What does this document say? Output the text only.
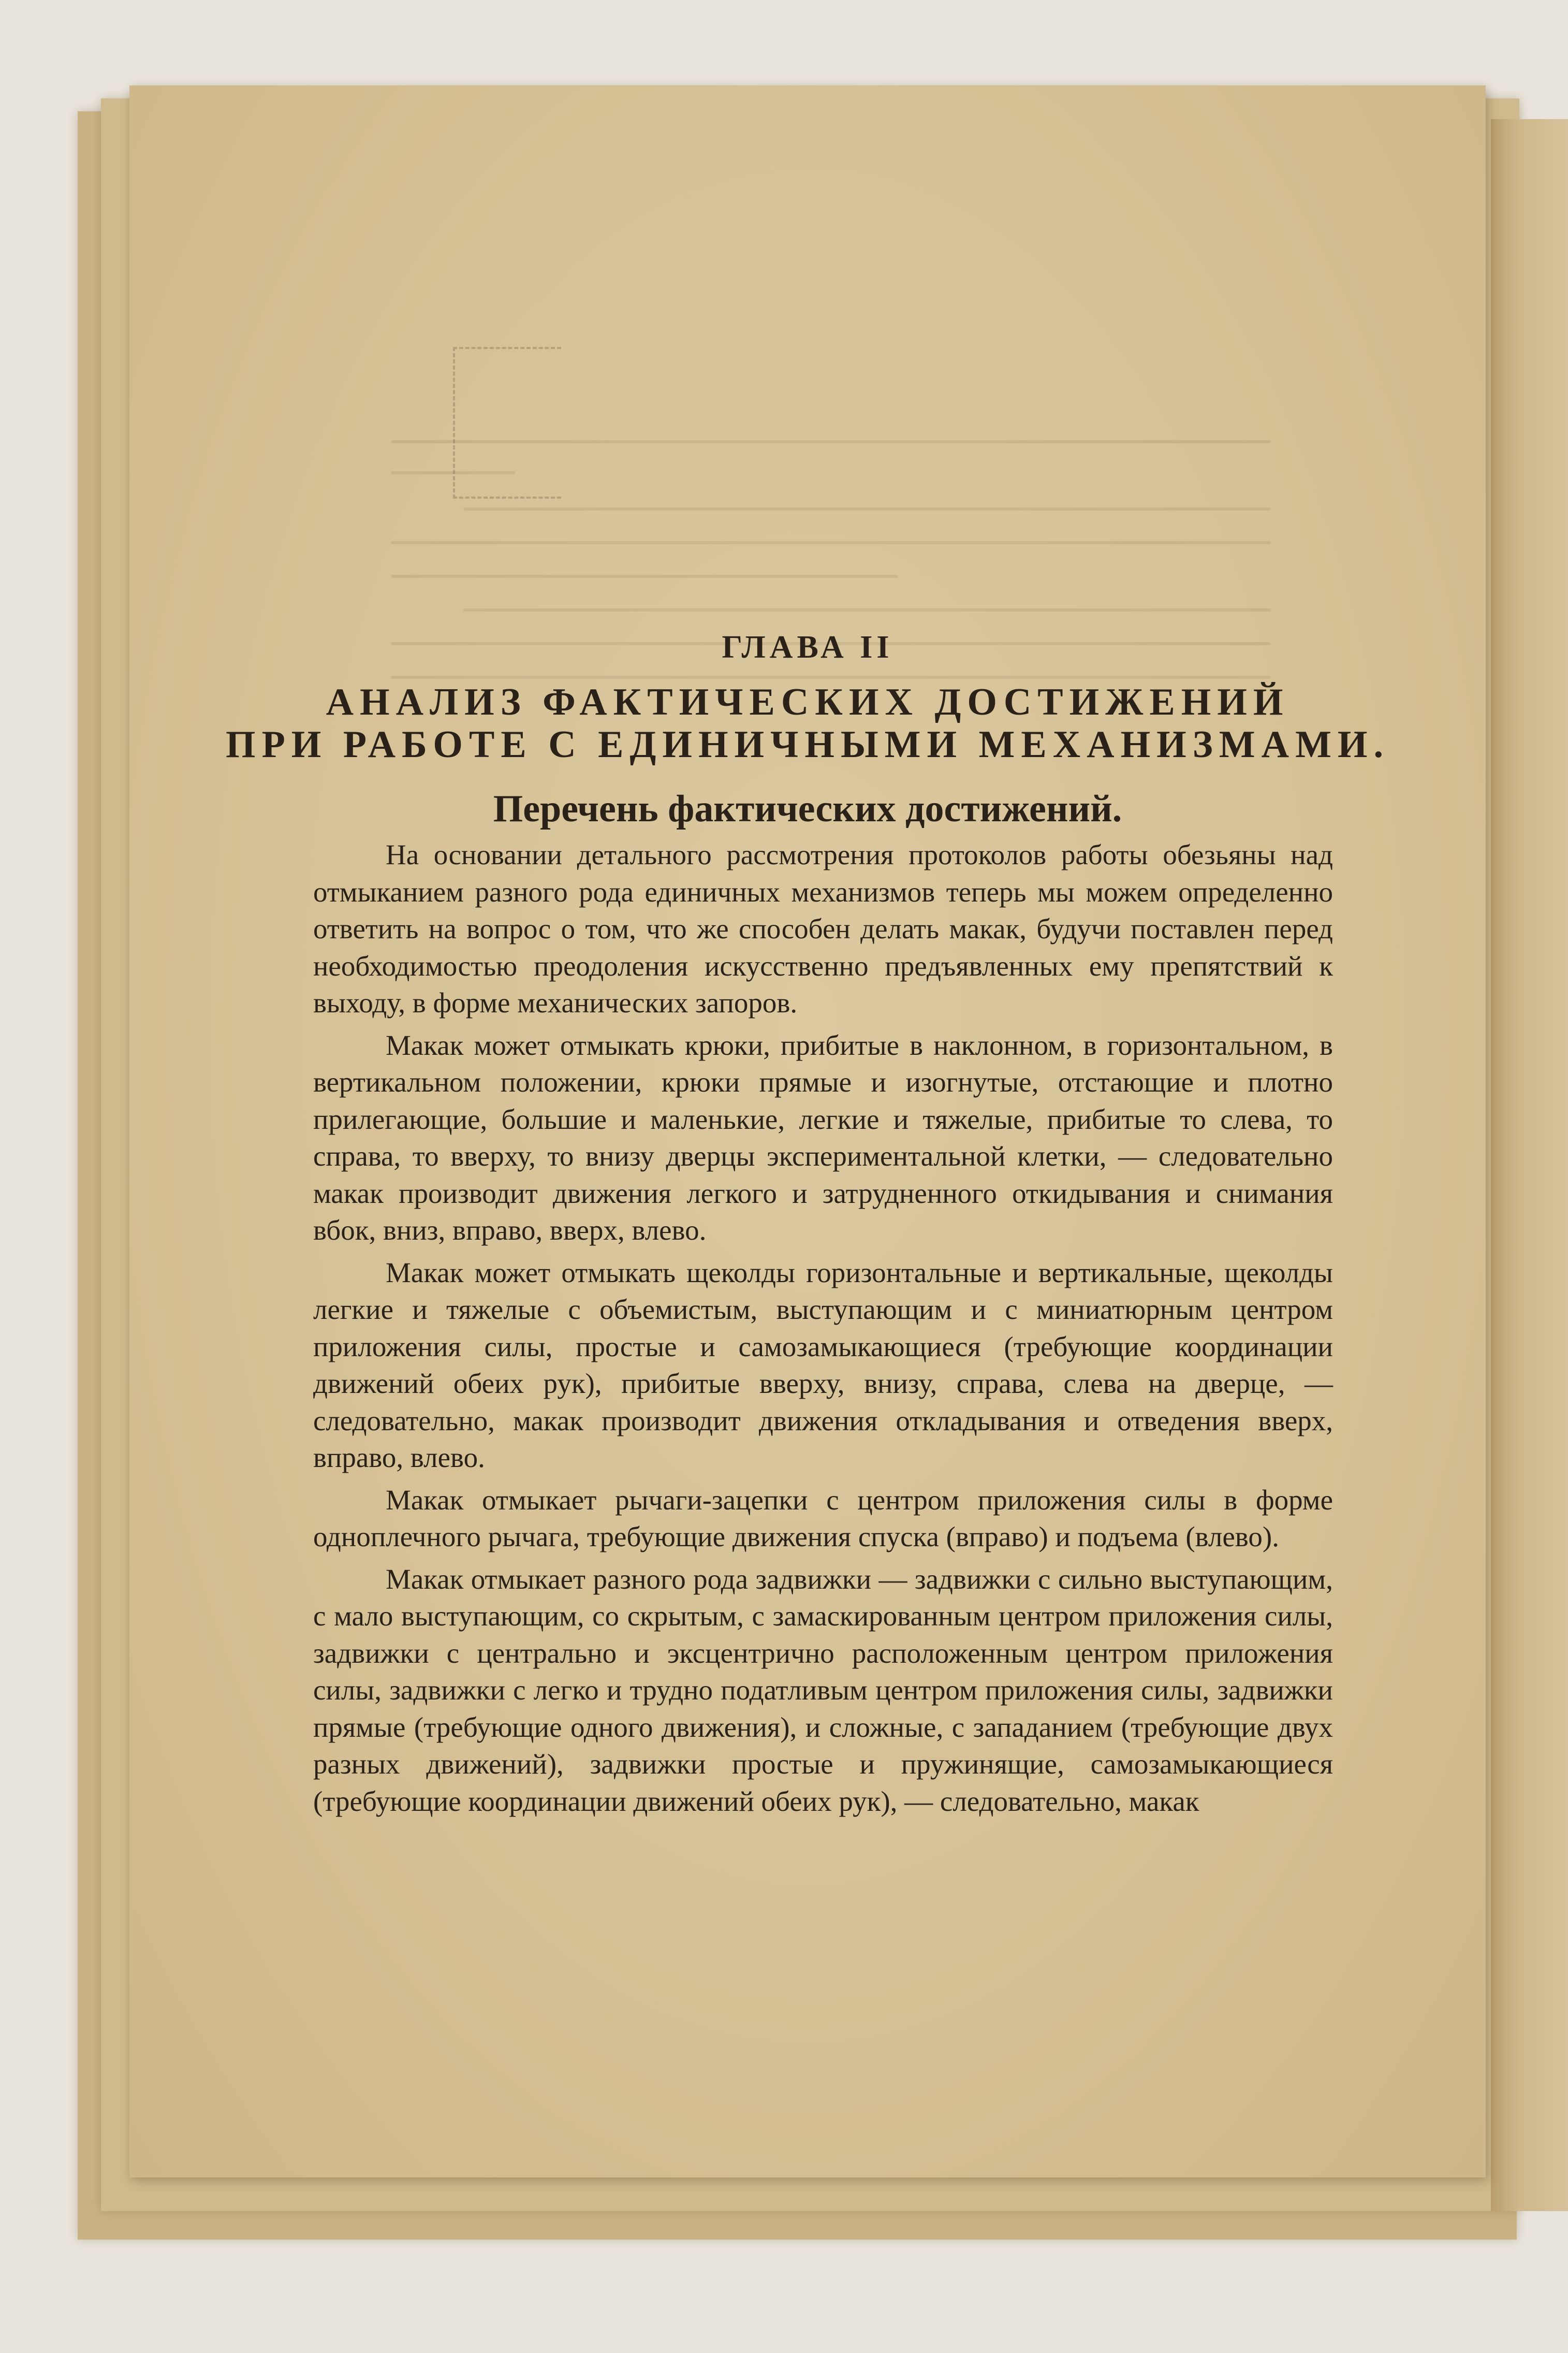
ГЛАВА II
АНАЛИЗ ФАКТИЧЕСКИХ ДОСТИЖЕНИЙ
ПРИ РАБОТЕ С ЕДИНИЧНЫМИ МЕХАНИЗМАМИ.
Перечень фактических достижений.

На основании детального рассмотрения протоколов работы обезьяны над отмыканием разного рода единичных механизмов теперь мы можем определенно ответить на вопрос о том, что же способен делать макак, будучи поставлен перед необходимостью преодоления искусственно предъявленных ему препятствий к выходу, в форме механических запоров.

Макак может отмыкать крюки, прибитые в наклонном, в горизонтальном, в вертикальном положении, крюки прямые и изогнутые, отстающие и плотно прилегающие, большие и маленькие, легкие и тяжелые, прибитые то слева, то справа, то вверху, то внизу дверцы экспериментальной клетки, — следовательно макак производит движения легкого и затрудненного откидывания и снимания вбок, вниз, вправо, вверх, влево.

Макак может отмыкать щеколды горизонтальные и вертикальные, щеколды легкие и тяжелые с объемистым, выступающим и с миниатюрным центром приложения силы, простые и самозамыкающиеся (требующие координации движений обеих рук), прибитые вверху, внизу, справа, слева на дверце, — следовательно, макак производит движения откладывания и отведения вверх, вправо, влево.

Макак отмыкает рычаги-зацепки с центром приложения силы в форме одноплечного рычага, требующие движения спуска (вправо) и подъема (влево).

Макак отмыкает разного рода задвижки — задвижки с сильно выступающим, с мало выступающим, со скрытым, с замаскированным центром приложения силы, задвижки с центрально и эксцентрично расположенным центром приложения силы, задвижки с легко и трудно податливым центром приложения силы, задвижки прямые (требующие одного движения), и сложные, с западанием (требующие двух разных движений), задвижки простые и пружинящие, самозамыкающиеся (требующие координации движений обеих рук), — следовательно, макак
